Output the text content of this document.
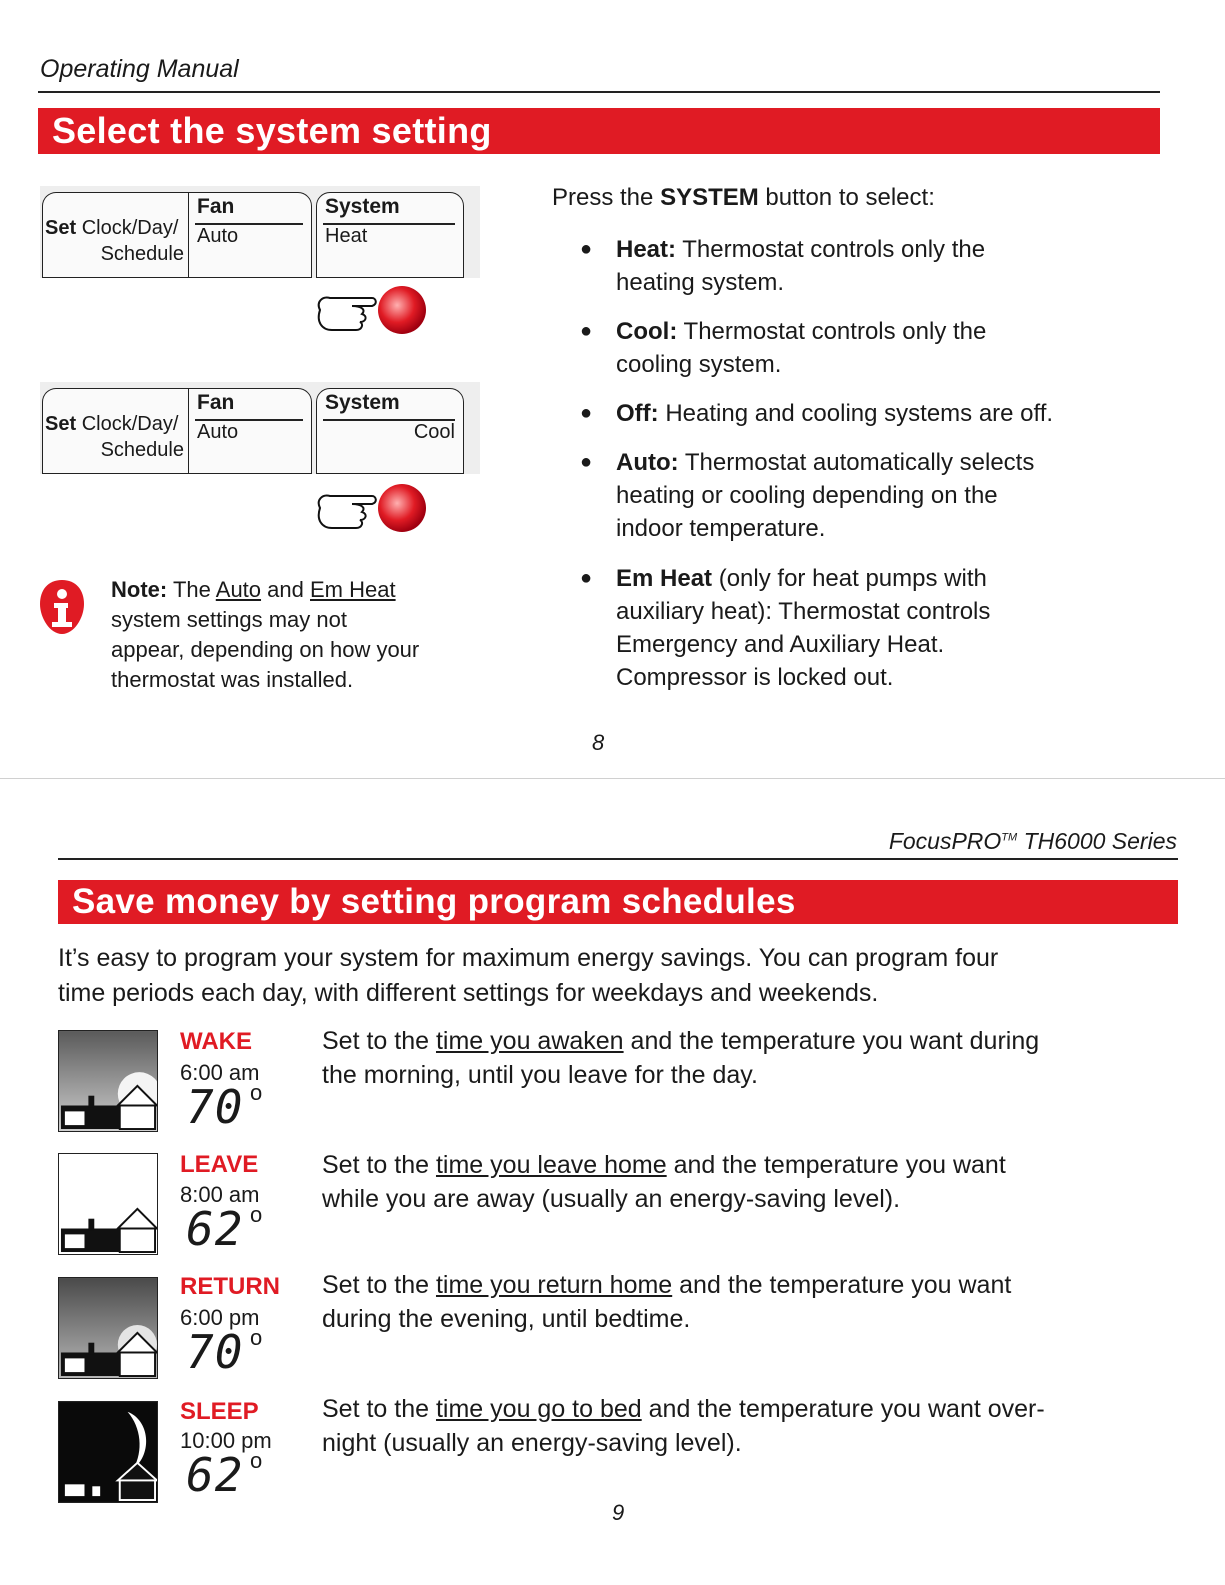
Operating Manual
Select the system setting
Set Clock/Day/
Schedule
Fan
Auto
System
Heat
Set Clock/Day/
Schedule
Fan
Auto
System
Cool
Note: The Auto and Em Heat
system settings may not
appear, depending on how your
thermostat was installed.
Press the SYSTEM button to select:
● Heat: Thermostat controls only the
heating system.
● Cool: Thermostat controls only the
cooling system.
● Off: Heating and cooling systems are off.
● Auto: Thermostat automatically selects
heating or cooling depending on the
indoor temperature.
● Em Heat (only for heat pumps with
auxiliary heat): Thermostat controls
Emergency and Auxiliary Heat.
Compressor is locked out.
8
FocusPRO™ TH6000 Series
Save money by setting program schedules
It’s easy to program your system for maximum energy savings. You can program four
time periods each day, with different settings for weekdays and weekends.
WAKE
6:00 am
70 o
Set to the time you awaken and the temperature you want during
the morning, until you leave for the day.
LEAVE
8:00 am
62 o
Set to the time you leave home and the temperature you want
while you are away (usually an energy-saving level).
RETURN
6:00 pm
70 o
Set to the time you return home and the temperature you want
during the evening, until bedtime.
SLEEP
10:00 pm
62 o
Set to the time you go to bed and the temperature you want over-
night (usually an energy-saving level).
9
